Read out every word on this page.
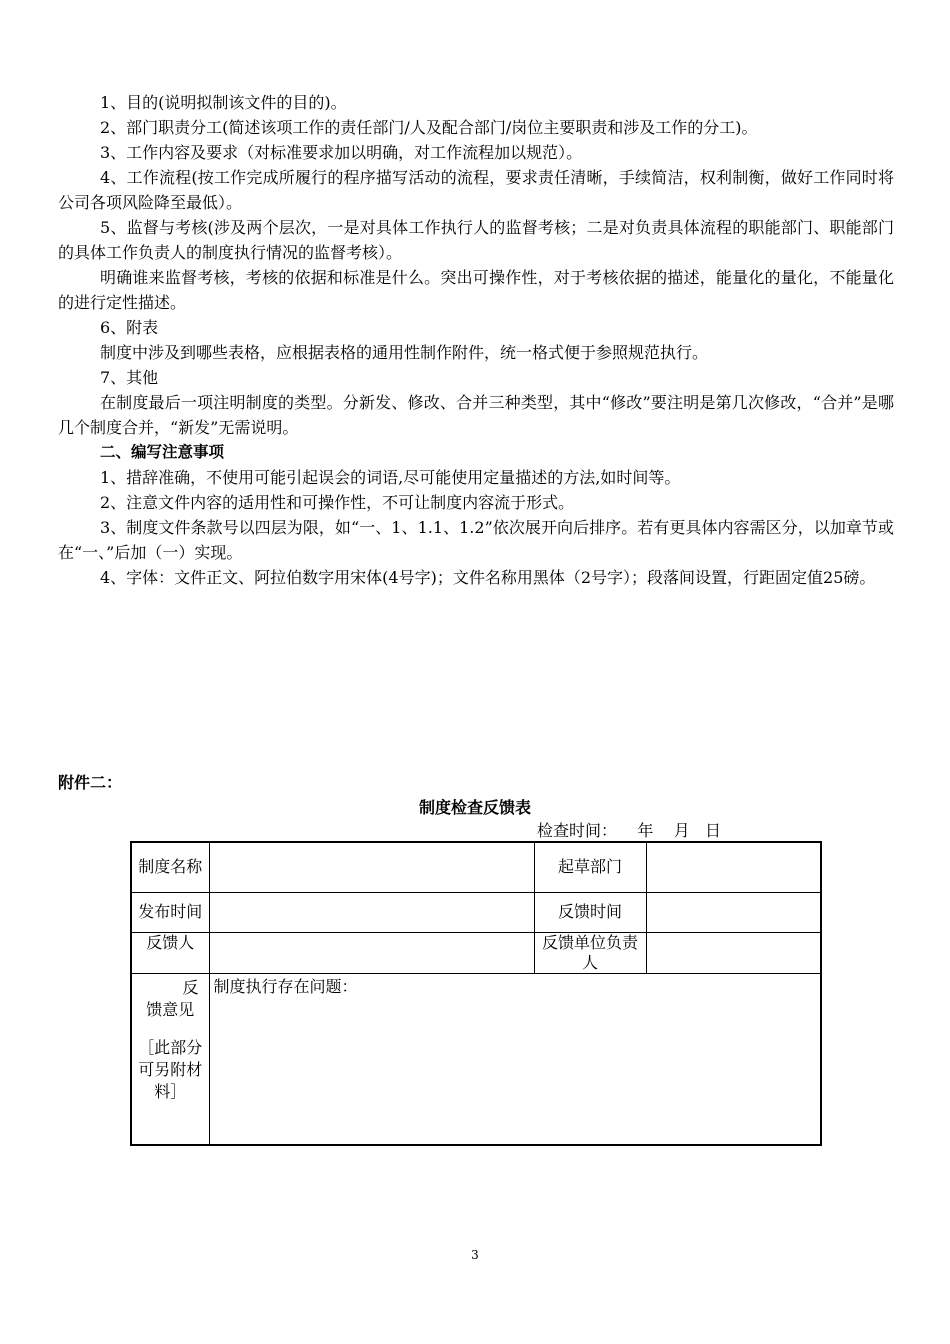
1、目的(说明拟制该文件的目的)。

2、部门职责分工(简述该项工作的责任部门/人及配合部门/岗位主要职责和涉及工作的分工)。

3、工作内容及要求（对标准要求加以明确，对工作流程加以规范）。

4、工作流程(按工作完成所履行的程序描写活动的流程，要求责任清晰，手续简洁，权利制衡，做好工作同时将公司各项风险降至最低）。

5、监督与考核(涉及两个层次，一是对具体工作执行人的监督考核；二是对负责具体流程的职能部门、职能部门的具体工作负责人的制度执行情况的监督考核）。

明确谁来监督考核，考核的依据和标准是什么。突出可操作性，对于考核依据的描述，能量化的量化，不能量化的进行定性描述。

6、附表

制度中涉及到哪些表格，应根据表格的通用性制作附件，统一格式便于参照规范执行。

7、其他

在制度最后一项注明制度的类型。分新发、修改、合并三种类型，其中“修改”要注明是第几次修改，“合并”是哪几个制度合并，“新发”无需说明。

二、编写注意事项

1、措辞准确，不使用可能引起误会的词语,尽可能使用定量描述的方法,如时间等。

2、注意文件内容的适用性和可操作性，不可让制度内容流于形式。

3、制度文件条款号以四层为限，如“一、1、1.1、1.2”依次展开向后排序。若有更具体内容需区分，以加章节或在“一、”后加（一）实现。

4、字体：文件正文、阿拉伯数字用宋体(4号字)；文件名称用黑体（2号字）；段落间设置，行距固定值25磅。

附件二：
制度检查反馈表
检查时间：    年    月   日
制度名称		起草部门	
发布时间		反馈时间	
反馈人		反馈单位负责人	

反
馈意见
［此部分可另附材料］	制度执行存在问题：		
3
